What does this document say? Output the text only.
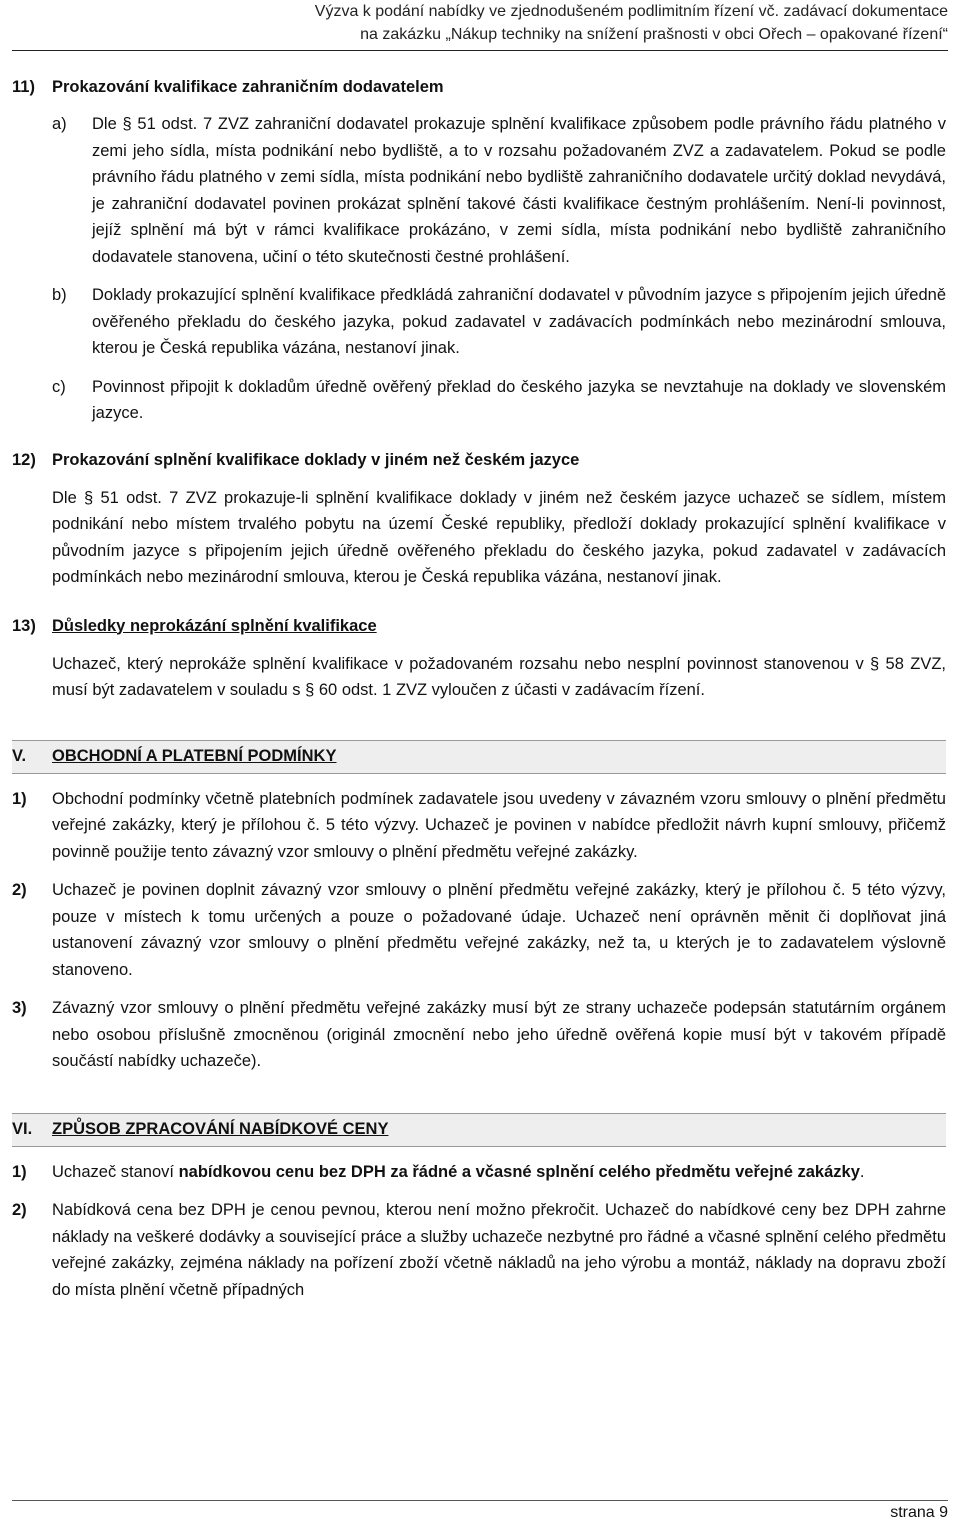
Výzva k podání nabídky ve zjednodušeném podlimitním řízení vč. zadávací dokumentace
na zakázku „Nákup techniky na snížení prašnosti v obci Ořech – opakované řízení“
11)	Prokazování kvalifikace zahraničním dodavatelem
a)	Dle § 51 odst. 7 ZVZ zahraniční dodavatel prokazuje splnění kvalifikace způsobem podle právního řádu platného v zemi jeho sídla, místa podnikání nebo bydliště, a to v rozsahu požadovaném ZVZ a zadavatelem. Pokud se podle právního řádu platného v zemi sídla, místa podnikání nebo bydliště zahraničního dodavatele určitý doklad nevydává, je zahraniční dodavatel povinen prokázat splnění takové části kvalifikace čestným prohlášením. Není-li povinnost, jejíž splnění má být v rámci kvalifikace prokázáno, v zemi sídla, místa podnikání nebo bydliště zahraničního dodavatele stanovena, učiní o této skutečnosti čestné prohlášení.

b)	Doklady prokazující splnění kvalifikace předkládá zahraniční dodavatel v původním jazyce s připojením jejich úředně ověřeného překladu do českého jazyka, pokud zadavatel v zadávacích podmínkách nebo mezinárodní smlouva, kterou je Česká republika vázána, nestanoví jinak.

c)	Povinnost připojit k dokladům úředně ověřený překlad do českého jazyka se nevztahuje na doklady ve slovenském jazyce.

12) Prokazování splnění kvalifikace doklady v jiném než českém jazyce

Dle § 51 odst. 7 ZVZ prokazuje-li splnění kvalifikace doklady v jiném než českém jazyce uchazeč se sídlem, místem podnikání nebo místem trvalého pobytu na území České republiky, předloží doklady prokazující splnění kvalifikace v původním jazyce s připojením jejich úředně ověřeného překladu do českého jazyka, pokud zadavatel v zadávacích podmínkách nebo mezinárodní smlouva, kterou je Česká republika vázána, nestanoví jinak.

13) Důsledky neprokázání splnění kvalifikace

Uchazeč, který neprokáže splnění kvalifikace v požadovaném rozsahu nebo nesplní povinnost stanovenou v § 58 ZVZ, musí být zadavatelem v souladu s § 60 odst. 1 ZVZ vyloučen z účasti v zadávacím řízení.

V.	OBCHODNÍ A PLATEBNÍ PODMÍNKY
1)	Obchodní podmínky včetně platebních podmínek zadavatele jsou uvedeny v závazném vzoru smlouvy o plnění předmětu veřejné zakázky, který je přílohou č. 5 této výzvy. Uchazeč je povinen v nabídce předložit návrh kupní smlouvy, přičemž povinně použije tento závazný vzor smlouvy o plnění předmětu veřejné zakázky.

2)	Uchazeč je povinen doplnit závazný vzor smlouvy o plnění předmětu veřejné zakázky, který je přílohou č. 5 této výzvy, pouze v místech k tomu určených a pouze o požadované údaje. Uchazeč není oprávněn měnit či doplňovat jiná ustanovení závazný vzor smlouvy o plnění předmětu veřejné zakázky, než ta, u kterých je to zadavatelem výslovně stanoveno.

3)	Závazný vzor smlouvy o plnění předmětu veřejné zakázky musí být ze strany uchazeče podepsán statutárním orgánem nebo osobou příslušně zmocněnou (originál zmocnění nebo jeho úředně ověřená kopie musí být v takovém případě součástí nabídky uchazeče).

VI.	ZPŮSOB ZPRACOVÁNÍ NABÍDKOVÉ CENY
1)	Uchazeč stanoví nabídkovou cenu bez DPH za řádné a včasné splnění celého předmětu veřejné zakázky.

2)	Nabídková cena bez DPH je cenou pevnou, kterou není možno překročit. Uchazeč do nabídkové ceny bez DPH zahrne náklady na veškeré dodávky a související práce a služby uchazeče nezbytné pro řádné a včasné splnění celého předmětu veřejné zakázky, zejména náklady na pořízení zboží včetně nákladů na jeho výrobu a montáž, náklady na dopravu zboží do místa plnění včetně případných

strana 9
